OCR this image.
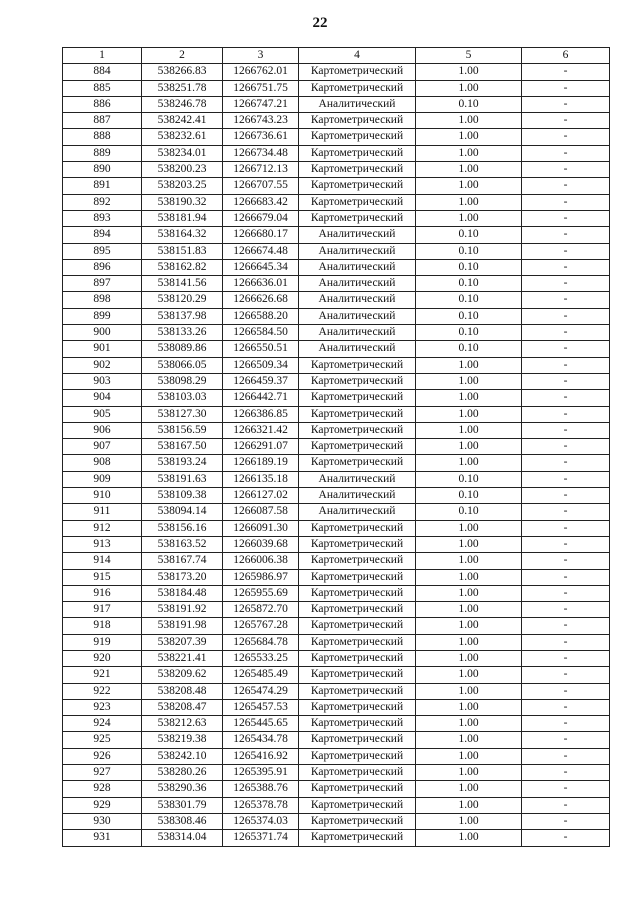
22
1	2	3	4	5	6
884	538266.83	1266762.01	Картометрический	1.00	-
885	538251.78	1266751.75	Картометрический	1.00	-
886	538246.78	1266747.21	Аналитический	0.10	-
887	538242.41	1266743.23	Картометрический	1.00	-
888	538232.61	1266736.61	Картометрический	1.00	-
889	538234.01	1266734.48	Картометрический	1.00	-
890	538200.23	1266712.13	Картометрический	1.00	-
891	538203.25	1266707.55	Картометрический	1.00	-
892	538190.32	1266683.42	Картометрический	1.00	-
893	538181.94	1266679.04	Картометрический	1.00	-
894	538164.32	1266680.17	Аналитический	0.10	-
895	538151.83	1266674.48	Аналитический	0.10	-
896	538162.82	1266645.34	Аналитический	0.10	-
897	538141.56	1266636.01	Аналитический	0.10	-
898	538120.29	1266626.68	Аналитический	0.10	-
899	538137.98	1266588.20	Аналитический	0.10	-
900	538133.26	1266584.50	Аналитический	0.10	-
901	538089.86	1266550.51	Аналитический	0.10	-
902	538066.05	1266509.34	Картометрический	1.00	-
903	538098.29	1266459.37	Картометрический	1.00	-
904	538103.03	1266442.71	Картометрический	1.00	-
905	538127.30	1266386.85	Картометрический	1.00	-
906	538156.59	1266321.42	Картометрический	1.00	-
907	538167.50	1266291.07	Картометрический	1.00	-
908	538193.24	1266189.19	Картометрический	1.00	-
909	538191.63	1266135.18	Аналитический	0.10	-
910	538109.38	1266127.02	Аналитический	0.10	-
911	538094.14	1266087.58	Аналитический	0.10	-
912	538156.16	1266091.30	Картометрический	1.00	-
913	538163.52	1266039.68	Картометрический	1.00	-
914	538167.74	1266006.38	Картометрический	1.00	-
915	538173.20	1265986.97	Картометрический	1.00	-
916	538184.48	1265955.69	Картометрический	1.00	-
917	538191.92	1265872.70	Картометрический	1.00	-
918	538191.98	1265767.28	Картометрический	1.00	-
919	538207.39	1265684.78	Картометрический	1.00	-
920	538221.41	1265533.25	Картометрический	1.00	-
921	538209.62	1265485.49	Картометрический	1.00	-
922	538208.48	1265474.29	Картометрический	1.00	-
923	538208.47	1265457.53	Картометрический	1.00	-
924	538212.63	1265445.65	Картометрический	1.00	-
925	538219.38	1265434.78	Картометрический	1.00	-
926	538242.10	1265416.92	Картометрический	1.00	-
927	538280.26	1265395.91	Картометрический	1.00	-
928	538290.36	1265388.76	Картометрический	1.00	-
929	538301.79	1265378.78	Картометрический	1.00	-
930	538308.46	1265374.03	Картометрический	1.00	-
931	538314.04	1265371.74	Картометрический	1.00	-
